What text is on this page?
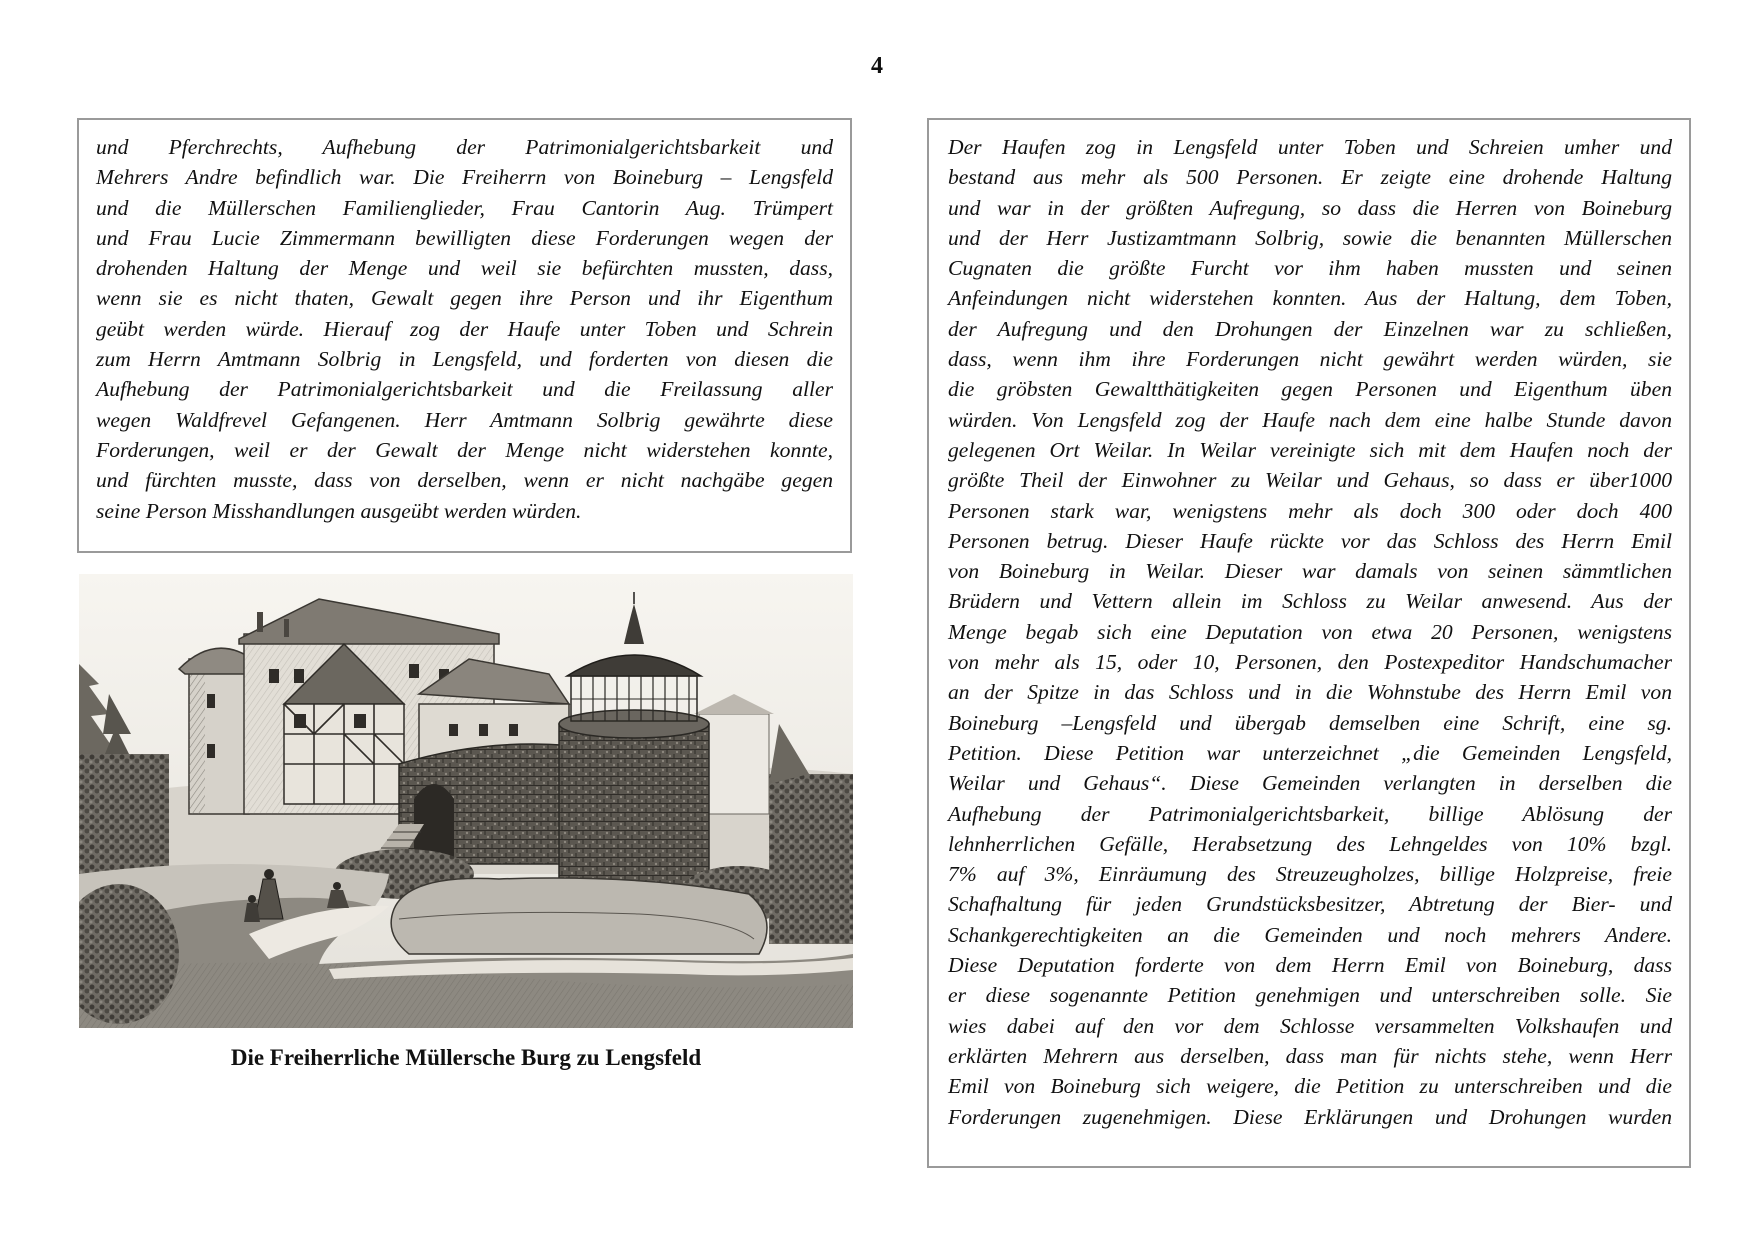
4
und Pferchrechts, Aufhebung der Patrimonialgerichtsbarkeit und
Mehrers Andre befindlich war. Die Freiherrn von Boineburg – Lengsfeld
und die Müllerschen Familienglieder, Frau Cantorin Aug. Trümpert
und Frau Lucie Zimmermann bewilligten diese Forderungen wegen der
drohenden Haltung der Menge und weil sie befürchten mussten, dass,
wenn sie es nicht thaten, Gewalt gegen ihre Person und ihr Eigenthum
geübt werden würde. Hierauf zog der Haufe unter Toben und Schrein
zum Herrn Amtmann Solbrig in Lengsfeld, und forderten von diesen die
Aufhebung der Patrimonialgerichtsbarkeit und die Freilassung aller
wegen Waldfrevel Gefangenen. Herr Amtmann Solbrig gewährte diese
Forderungen, weil er der Gewalt der Menge nicht widerstehen konnte,
und fürchten musste, dass von derselben, wenn er nicht nachgäbe gegen
seine Person Misshandlungen ausgeübt werden würden.
Die Freiherrliche Müllersche Burg zu Lengsfeld
Der Haufen zog in Lengsfeld unter Toben und Schreien umher und
bestand aus mehr als 500 Personen. Er zeigte eine drohende Haltung
und war in der größten Aufregung, so dass die Herren von Boineburg
und der Herr Justizamtmann Solbrig, sowie die benannten Müllerschen
Cugnaten die größte Furcht vor ihm haben mussten und seinen
Anfeindungen nicht widerstehen konnten. Aus der Haltung, dem Toben,
der Aufregung und den Drohungen der Einzelnen war zu schließen,
dass, wenn ihm ihre Forderungen nicht gewährt werden würden, sie
die gröbsten Gewaltthätigkeiten gegen Personen und Eigenthum üben
würden. Von Lengsfeld zog der Haufe nach dem eine halbe Stunde davon
gelegenen Ort Weilar. In Weilar vereinigte sich mit dem Haufen noch der
größte Theil der Einwohner zu Weilar und Gehaus, so dass er über1000
Personen stark war, wenigstens mehr als doch 300 oder doch 400
Personen betrug. Dieser Haufe rückte vor das Schloss des Herrn Emil
von Boineburg in Weilar. Dieser war damals von seinen sämmtlichen
Brüdern und Vettern allein im Schloss zu Weilar anwesend. Aus der
Menge begab sich eine Deputation von etwa 20 Personen, wenigstens
von mehr als 15, oder 10, Personen, den Postexpeditor Handschumacher
an der Spitze in das Schloss und in die Wohnstube des Herrn Emil von
Boineburg –Lengsfeld und übergab demselben eine Schrift, eine sg.
Petition. Diese Petition war unterzeichnet „die Gemeinden Lengsfeld,
Weilar und Gehaus“. Diese Gemeinden verlangten in derselben die
Aufhebung der Patrimonialgerichtsbarkeit, billige Ablösung der
lehnherrlichen Gefälle, Herabsetzung des Lehngeldes von 10% bzgl.
7% auf 3%, Einräumung des Streuzeugholzes, billige Holzpreise, freie
Schafhaltung für jeden Grundstücksbesitzer, Abtretung der Bier- und
Schankgerechtigkeiten an die Gemeinden und noch mehrers Andere.
Diese Deputation forderte von dem Herrn Emil von Boineburg, dass
er diese sogenannte Petition genehmigen und unterschreiben solle. Sie
wies dabei auf den vor dem Schlosse versammelten Volkshaufen und
erklärten Mehrern aus derselben, dass man für nichts stehe, wenn Herr
Emil von Boineburg sich weigere, die Petition zu unterschreiben und die
Forderungen zugenehmigen. Diese Erklärungen und Drohungen wurden
